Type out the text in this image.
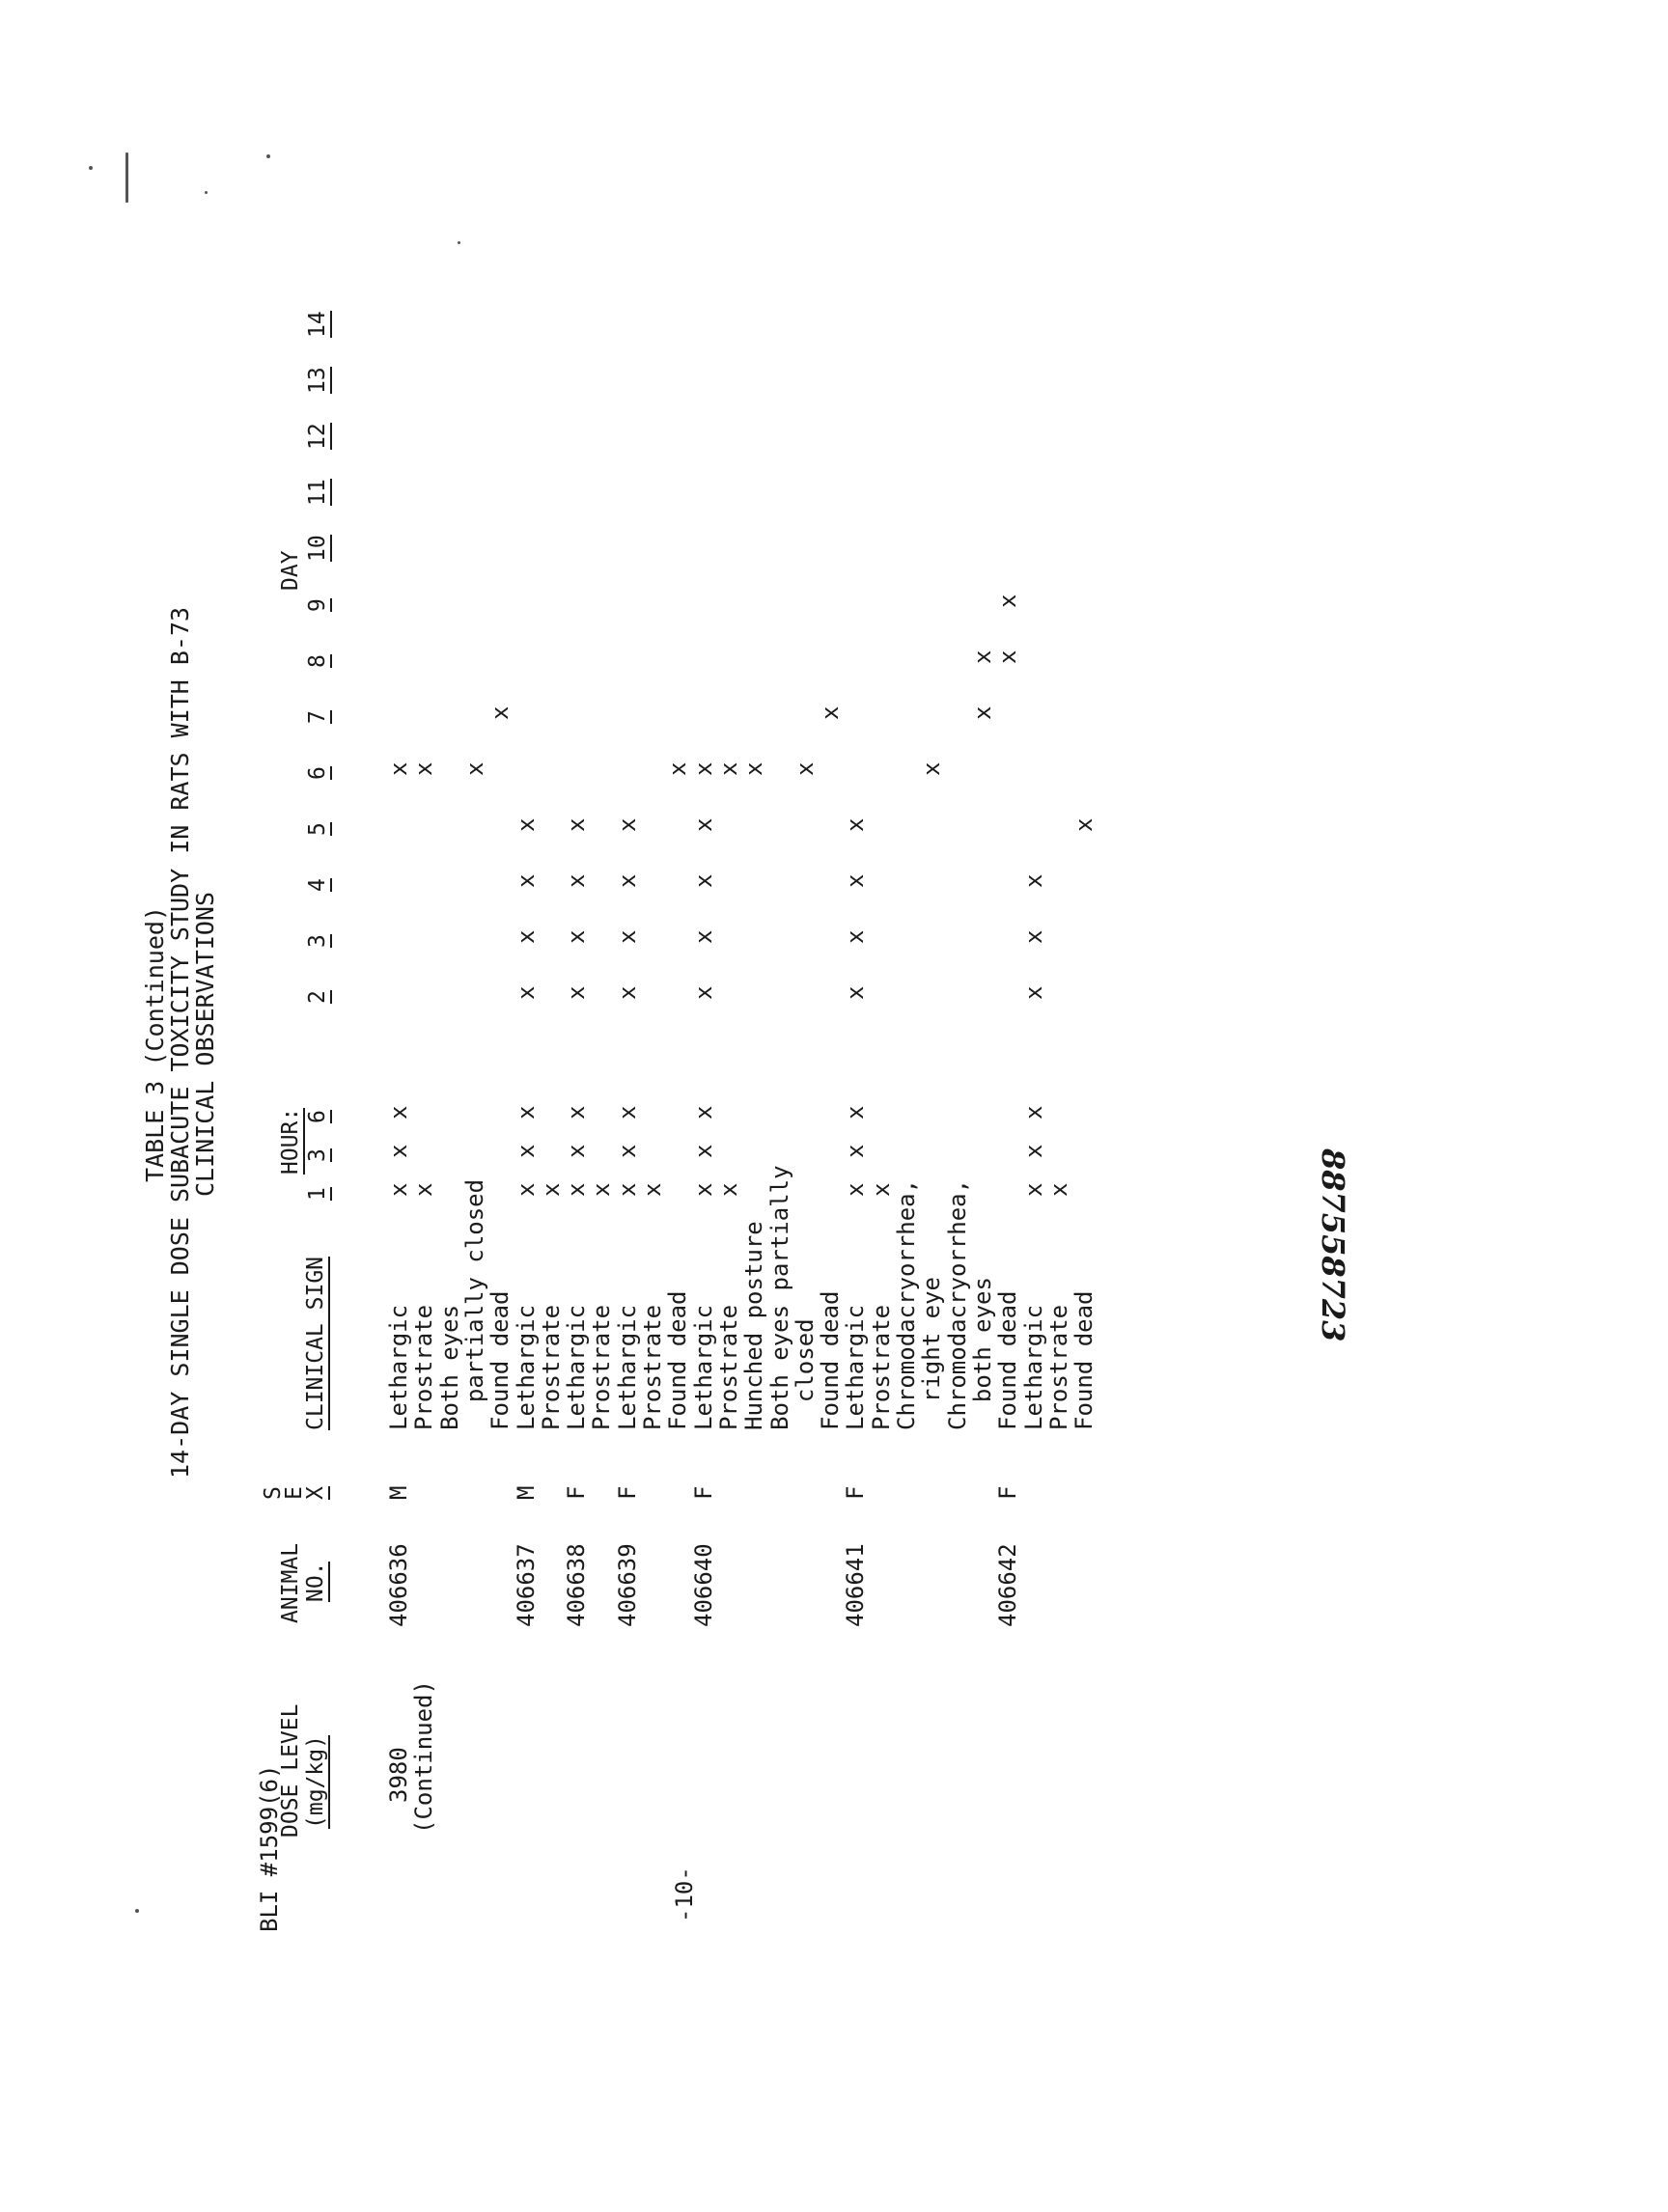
TABLE 3 (Continued)
14-DAY SINGLE DOSE SUBACUTE TOXICITY STUDY IN RATS WITH B-73
CLINICAL OBSERVATIONS
DOSE LEVEL (mg/kg)
ANIMAL NO.
S
E
X
CLINICAL SIGN
HOUR:
DAY
1
3
6
2
3
4
5
6
7
8
9
10
11
12
13
14
3980
(Continued)
406636
M
406637
M
406638
F
406639
F
406640
F
406641
F
406642
F
Lethargic
x
x
x
x
Prostrate
x
x
Both eyes
partially closed
x
Found dead
x
Lethargic
x
x
x
x
x
x
x
Prostrate
x
Lethargic
x
x
x
x
x
x
x
Prostrate
x
Lethargic
x
x
x
x
x
x
x
Prostrate
x
Found dead
x
Lethargic
x
x
x
x
x
x
x
x
Prostrate
x
x
Hunched posture
x
Both eyes partially
closed
x
Found dead
x
Lethargic
x
x
x
x
x
x
x
Prostrate
x
Chromodacryorrhea,
right eye
x
Chromodacryorrhea,
both eyes
x
x
Found dead
x
x
Lethargic
x
x
x
x
x
x
Prostrate
x
Found dead
x
BLI #1599(6)	-10-
887558723
